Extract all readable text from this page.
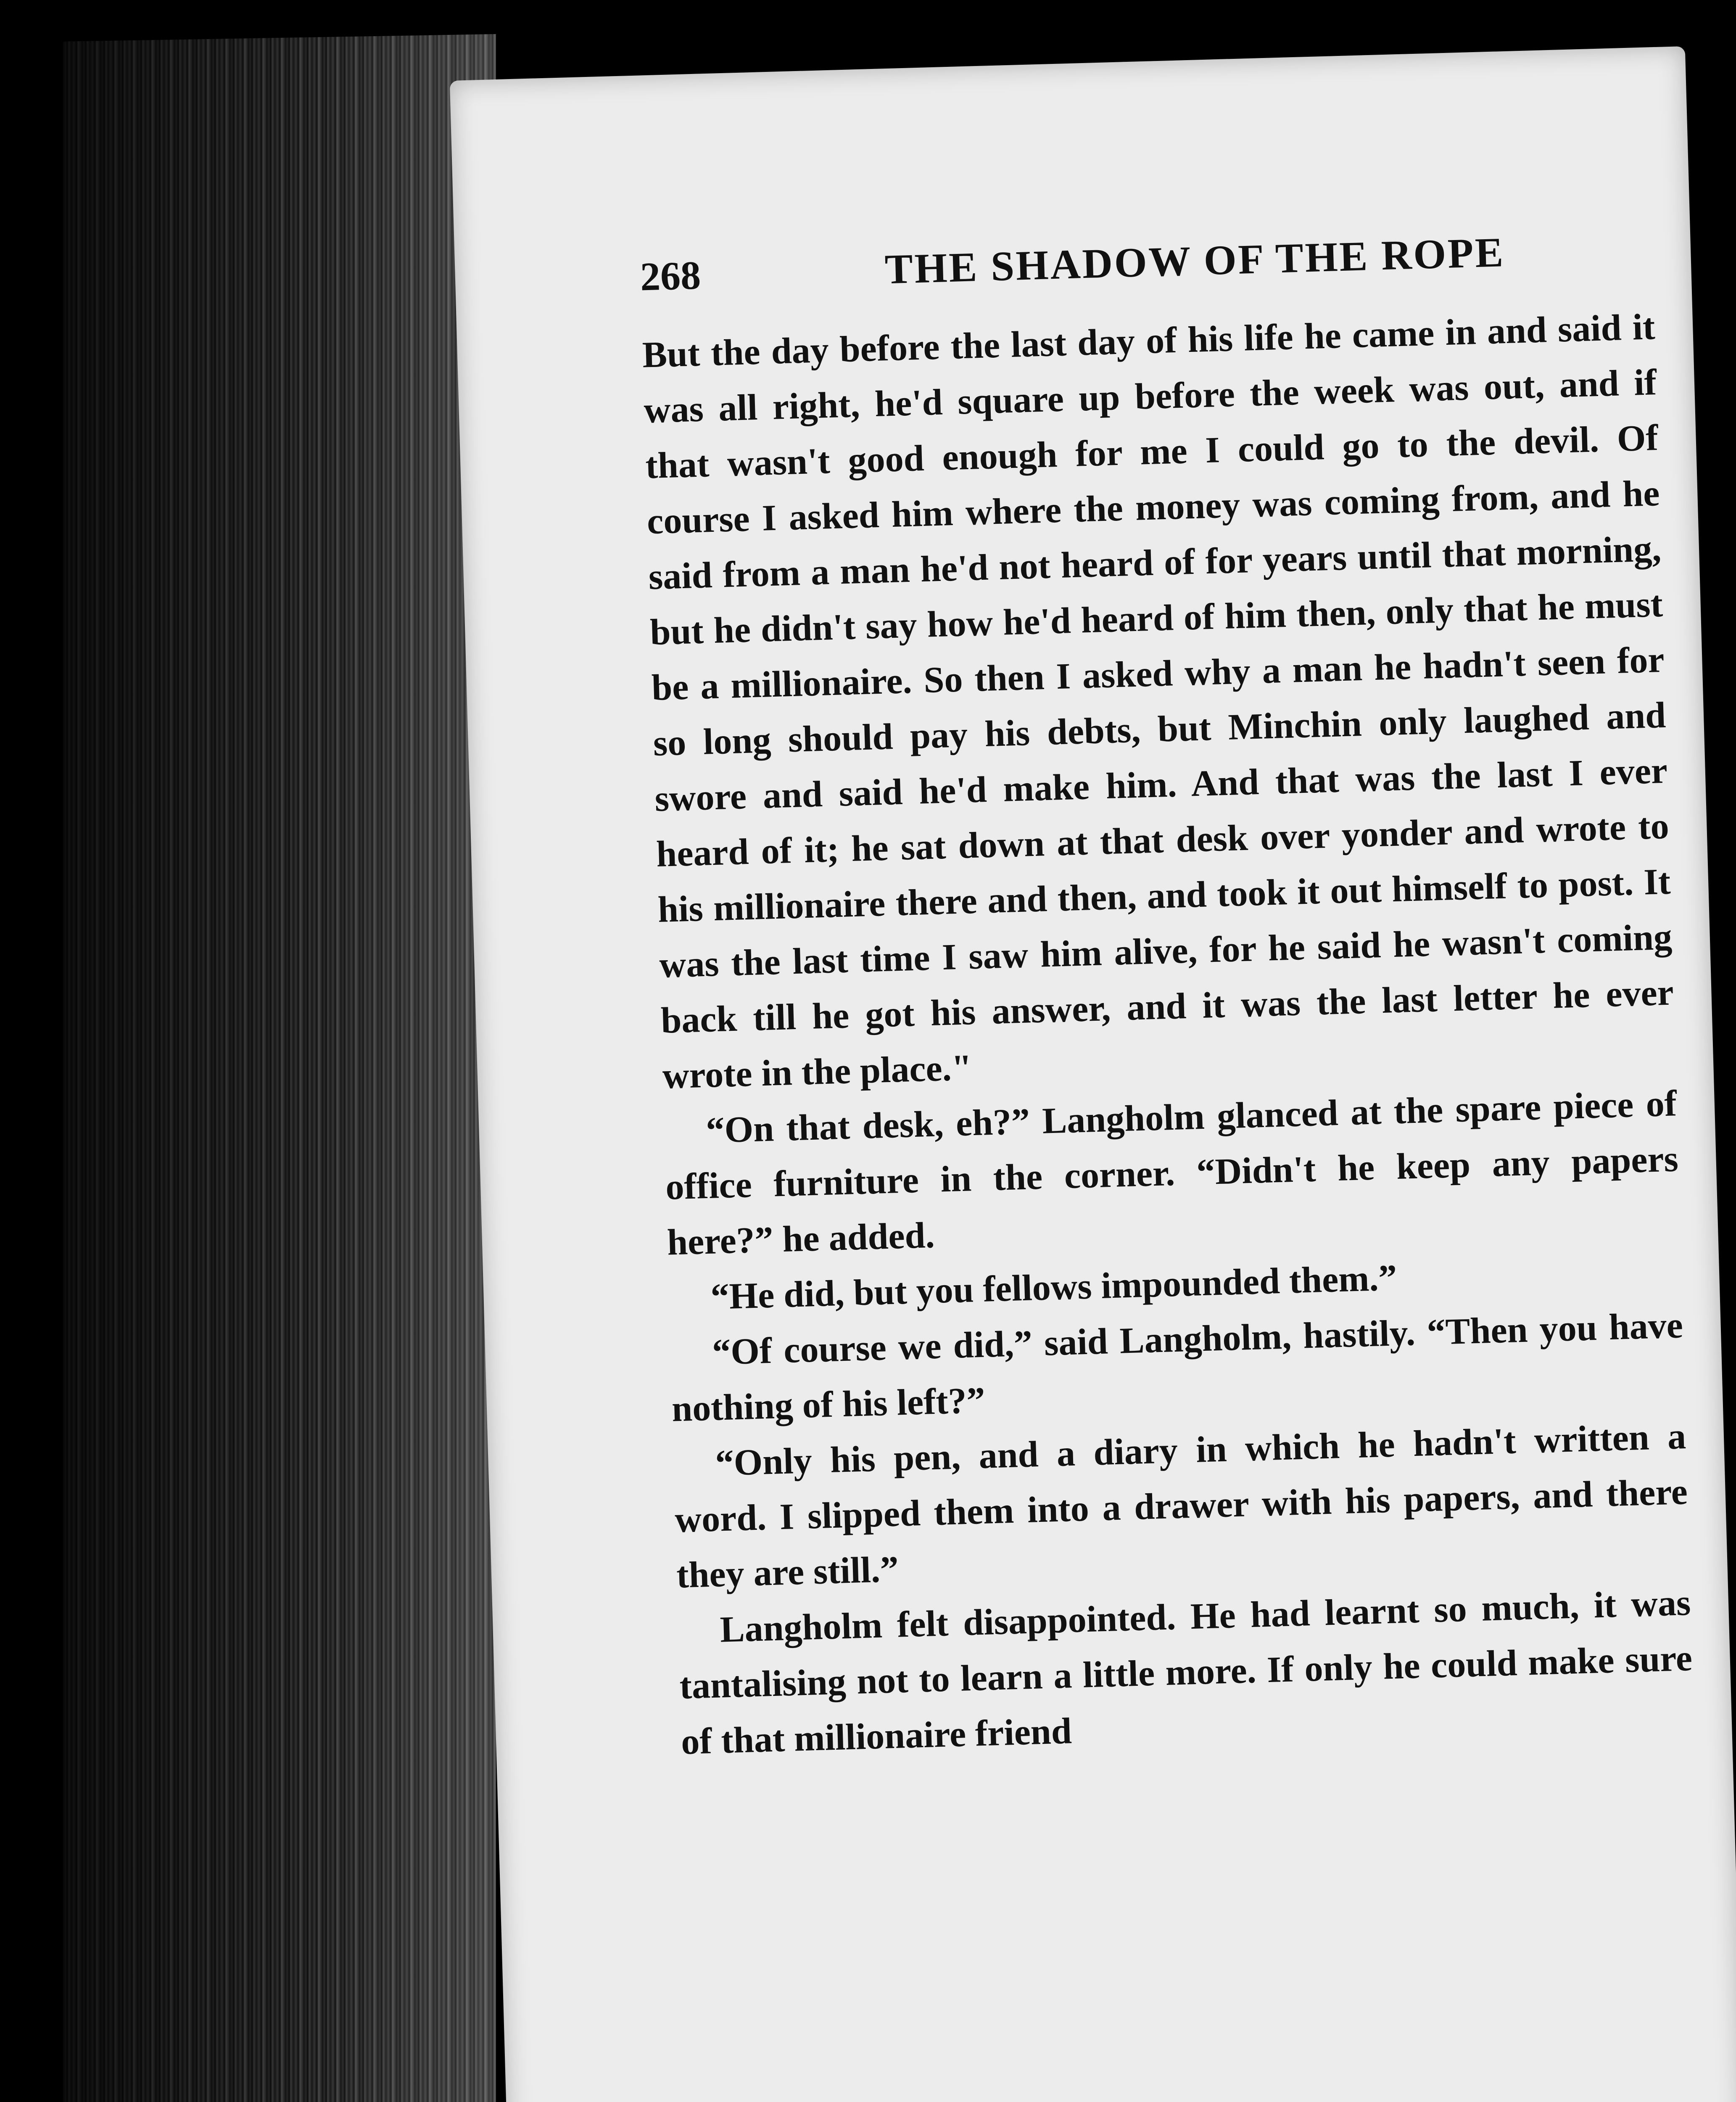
268	THE SHADOW OF THE ROPE

But the day before the last day of his life he came in and said it was all right, he'd square up before the week was out, and if that wasn't good enough for me I could go to the devil. Of course I asked him where the money was coming from, and he said from a man he'd not heard of for years until that morning, but he didn't say how he'd heard of him then, only that he must be a millionaire. So then I asked why a man he hadn't seen for so long should pay his debts, but Minchin only laughed and swore and said he'd make him. And that was the last I ever heard of it; he sat down at that desk over yonder and wrote to his millionaire there and then, and took it out himself to post. It was the last time I saw him alive, for he said he wasn't coming back till he got his answer, and it was the last letter he ever wrote in the place."

“On that desk, eh?” Langholm glanced at the spare piece of office furniture in the corner. “Didn't he keep any papers here?” he added.

“He did, but you fellows impounded them.”

“Of course we did,” said Langholm, hastily. “Then you have nothing of his left?”

“Only his pen, and a diary in which he hadn't written a word. I slipped them into a drawer with his papers, and there they are still.”

Langholm felt disappointed. He had learnt so much, it was tantalising not to learn a little more. If only he could make sure of that millionaire friend
